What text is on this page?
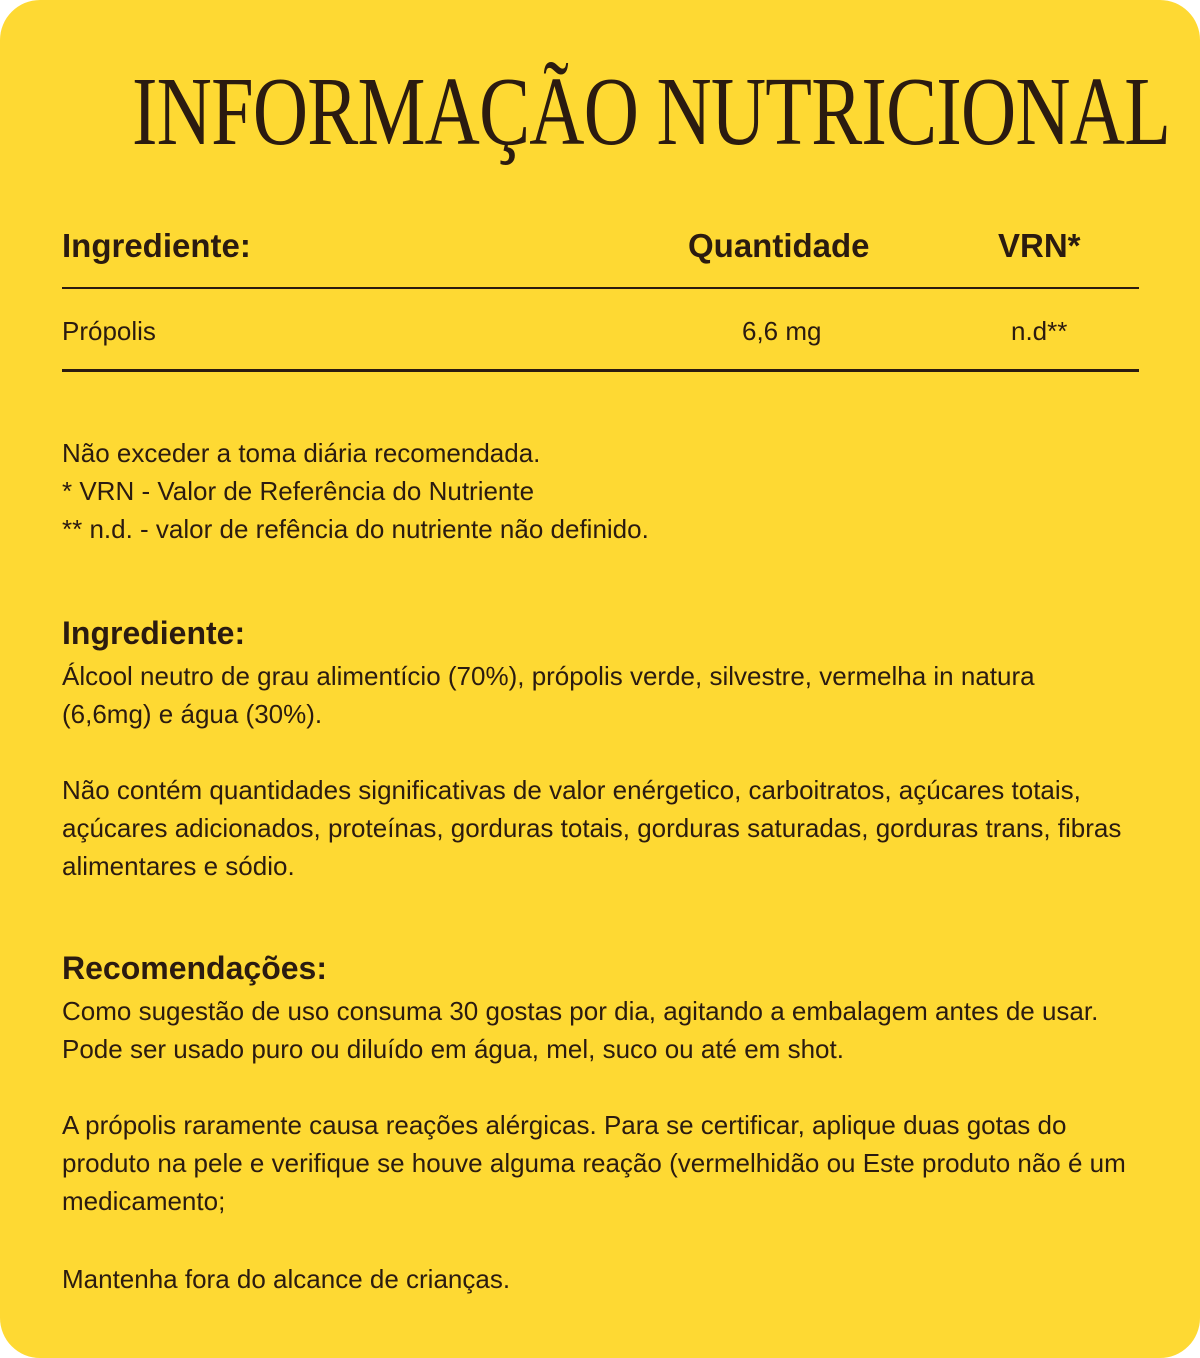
INFORMAÇÃO NUTRICIONAL
Ingrediente:	Quantidade	VRN*
Própolis	6,6 mg	n.d**

Não exceder a toma diária recomendada.

* VRN - Valor de Referência do Nutriente

** n.d. - valor de refência do nutriente não definido.

Ingrediente:
Álcool neutro de grau alimentício (70%), própolis verde, silvestre, vermelha in natura (6,6mg) e água (30%).
Não contém quantidades significativas de valor enérgetico, carboitratos, açúcares totais, açúcares adicionados, proteínas, gorduras totais, gorduras saturadas, gorduras trans, fibras alimentares e sódio.
Recomendações:
Como sugestão de uso consuma 30 gostas por dia, agitando a embalagem antes de usar. Pode ser usado puro ou diluído em água, mel, suco ou até em shot.
A própolis raramente causa reações alérgicas. Para se certificar, aplique duas gotas do produto na pele e verifique se houve alguma reação (vermelhidão ou Este produto não é um medicamento;
Mantenha fora do alcance de crianças.
